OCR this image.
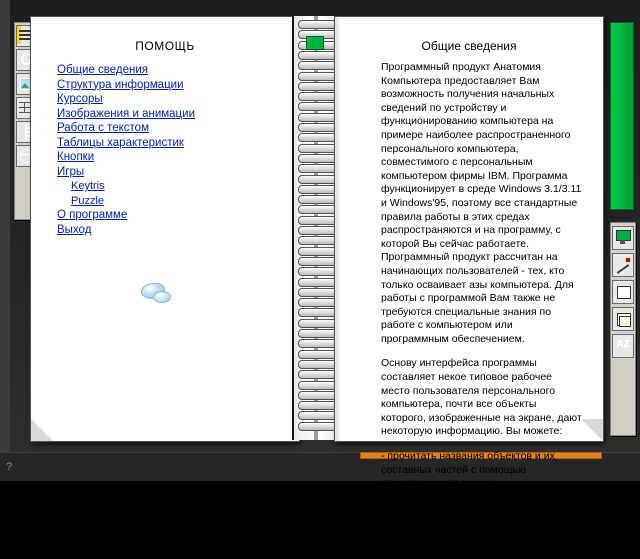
?
AZ
ПОМОЩЬ
Общие сведения
Структура информации
Курсоры
Изображения и анимации
Работа с текстом
Таблицы характеристик
Кнопки
Игры
Keytris
Puzzle
О программе
Выход
Общие сведения

Программный продукт Анатомия Компьютера предоставляет Вам возможность получения начальных сведений по устройству и функционированию компьютера на примере наиболее распространенного персонального компьютера, совместимого с персональным компьютером фирмы IBM. Программа функционирует в среде Windows 3.1/3.11 и Windows'95, поэтому все стандартные правила работы в этих средах распространяются и на программу, с которой Вы сейчас работаете. Программный продукт расcчитан на начинающих пользователей - тех, кто только осваивает азы компьютера. Для работы с программой Вам также не требуются специальные знания по работе с компьютером или программным обеспечением.

Основу интерфейса программы составляет некое типовое рабочее место пользователя персонального компьютера, почти все объекты которого, изображенные на экране, дают некоторую информацию. Вы можете:

- прочитать названия объектов и их составных частей с помощью оперативных подсказок
- выбрать интересующий Вас объект и рассмотреть его устройство, функционирование, посмотреть диктроские пояснения, прочитать имеющуюся текстовую информацию
